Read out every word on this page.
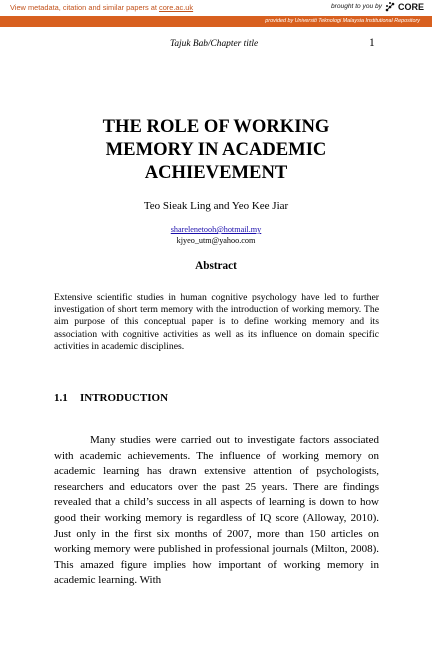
View metadata, citation and similar papers at core.ac.uk	brought to you by CORE
provided by Universiti Teknologi Malaysia Institutional Repository
Tajuk Bab/Chapter title	1
THE ROLE OF WORKING MEMORY IN ACADEMIC ACHIEVEMENT
Teo Sieak Ling and Yeo Kee Jiar
sharelenetooh@hotmail.my
kjyeo_utm@yahoo.com
Abstract

Extensive scientific studies in human cognitive psychology have led to further investigation of short term memory with the introduction of working memory. The aim purpose of this conceptual paper is to define working memory and its association with cognitive activities as well as its influence on domain specific activities in academic disciplines.

1.1 INTRODUCTION

Many studies were carried out to investigate factors associated with academic achievements. The influence of working memory on academic learning has drawn extensive attention of psychologists, researchers and educators over the past 25 years. There are findings revealed that a child’s success in all aspects of learning is down to how good their working memory is regardless of IQ score (Alloway, 2010). Just only in the first six months of 2007, more than 150 articles on working memory were published in professional journals (Milton, 2008). This amazed figure implies how important of working memory in academic learning. With
